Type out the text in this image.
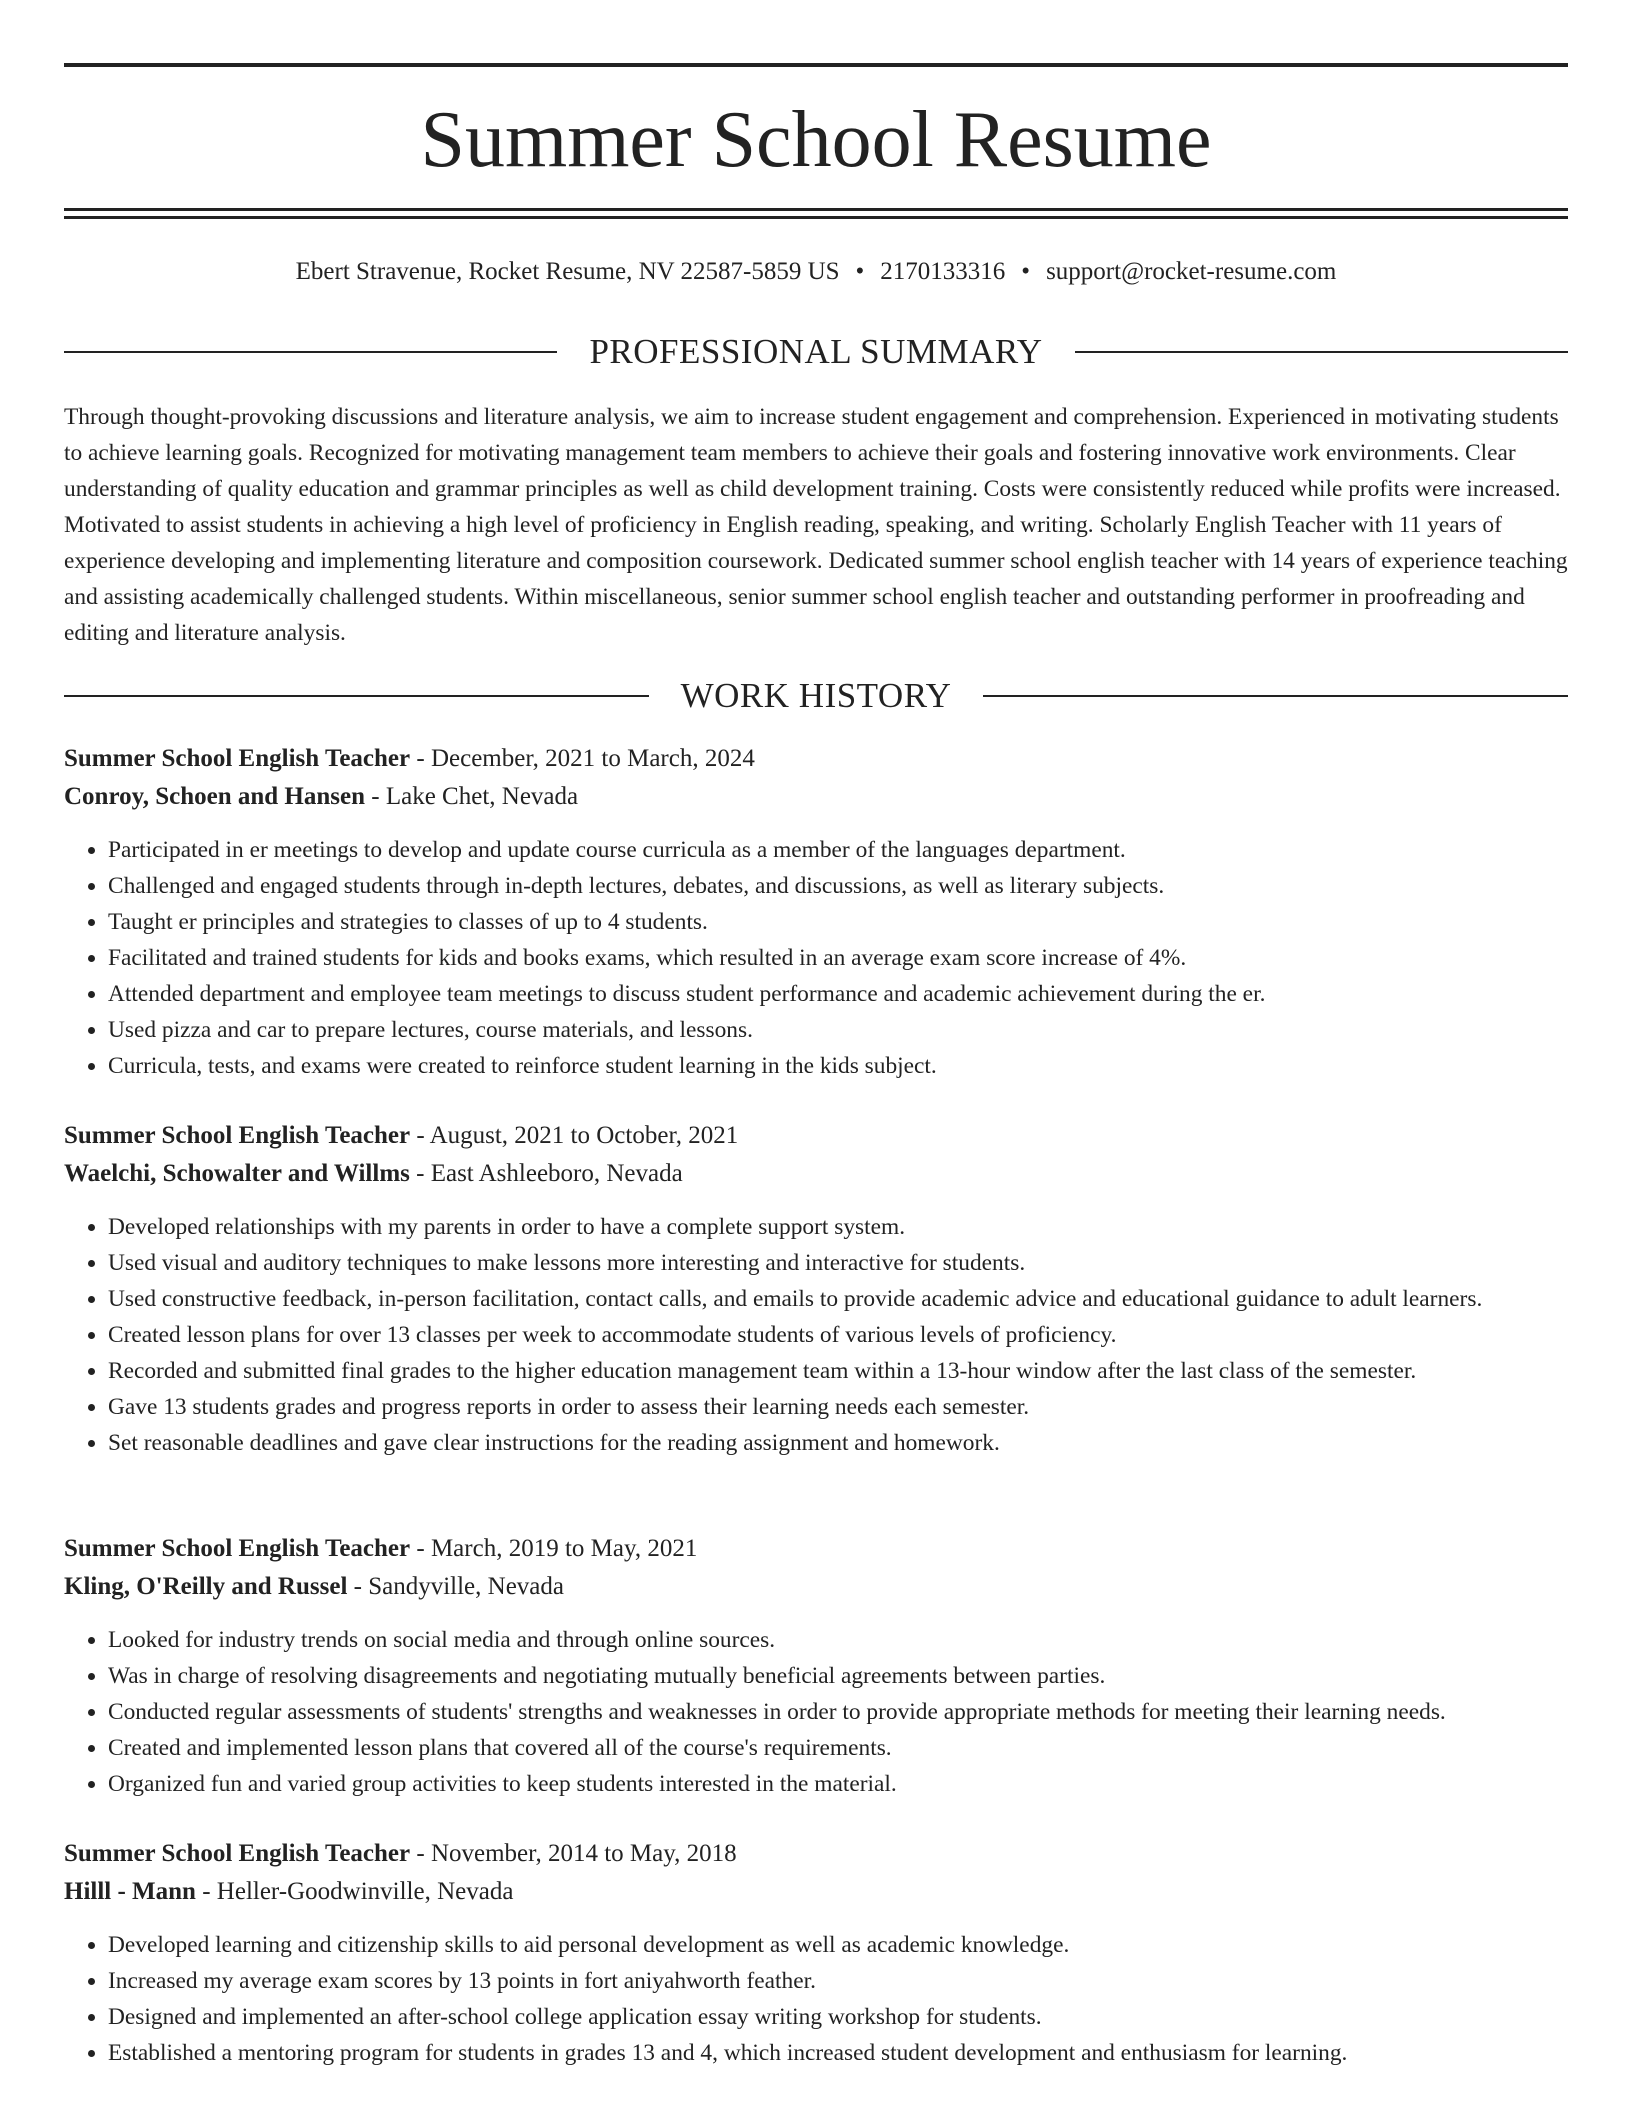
Summer School Resume
Ebert Stravenue, Rocket Resume, NV 22587-5859 US • 2170133316 • support@rocket-resume.com
PROFESSIONAL SUMMARY

Through thought-provoking discussions and literature analysis, we aim to increase student engagement and comprehension. Experienced in motivating students to achieve learning goals. Recognized for motivating management team members to achieve their goals and fostering innovative work environments. Clear understanding of quality education and grammar principles as well as child development training. Costs were consistently reduced while profits were increased. Motivated to assist students in achieving a high level of proficiency in English reading, speaking, and writing. Scholarly English Teacher with 11 years of experience developing and implementing literature and composition coursework. Dedicated summer school english teacher with 14 years of experience teaching and assisting academically challenged students. Within miscellaneous, senior summer school english teacher and outstanding performer in proofreading and editing and literature analysis.

WORK HISTORY
Summer School English Teacher - December, 2021 to March, 2024
Conroy, Schoen and Hansen - Lake Chet, Nevada
• Participated in er meetings to develop and update course curricula as a member of the languages department.
• Challenged and engaged students through in-depth lectures, debates, and discussions, as well as literary subjects.
• Taught er principles and strategies to classes of up to 4 students.
• Facilitated and trained students for kids and books exams, which resulted in an average exam score increase of 4%.
• Attended department and employee team meetings to discuss student performance and academic achievement during the er.
• Used pizza and car to prepare lectures, course materials, and lessons.
• Curricula, tests, and exams were created to reinforce student learning in the kids subject.
Summer School English Teacher - August, 2021 to October, 2021
Waelchi, Schowalter and Willms - East Ashleeboro, Nevada
• Developed relationships with my parents in order to have a complete support system.
• Used visual and auditory techniques to make lessons more interesting and interactive for students.
• Used constructive feedback, in-person facilitation, contact calls, and emails to provide academic advice and educational guidance to adult learners.
• Created lesson plans for over 13 classes per week to accommodate students of various levels of proficiency.
• Recorded and submitted final grades to the higher education management team within a 13-hour window after the last class of the semester.
• Gave 13 students grades and progress reports in order to assess their learning needs each semester.
• Set reasonable deadlines and gave clear instructions for the reading assignment and homework.
Summer School English Teacher - March, 2019 to May, 2021
Kling, O'Reilly and Russel - Sandyville, Nevada
• Looked for industry trends on social media and through online sources.
• Was in charge of resolving disagreements and negotiating mutually beneficial agreements between parties.
• Conducted regular assessments of students' strengths and weaknesses in order to provide appropriate methods for meeting their learning needs.
• Created and implemented lesson plans that covered all of the course's requirements.
• Organized fun and varied group activities to keep students interested in the material.
Summer School English Teacher - November, 2014 to May, 2018
Hilll - Mann - Heller-Goodwinville, Nevada
• Developed learning and citizenship skills to aid personal development as well as academic knowledge.
• Increased my average exam scores by 13 points in fort aniyahworth feather.
• Designed and implemented an after-school college application essay writing workshop for students.
• Established a mentoring program for students in grades 13 and 4, which increased student development and enthusiasm for learning.
